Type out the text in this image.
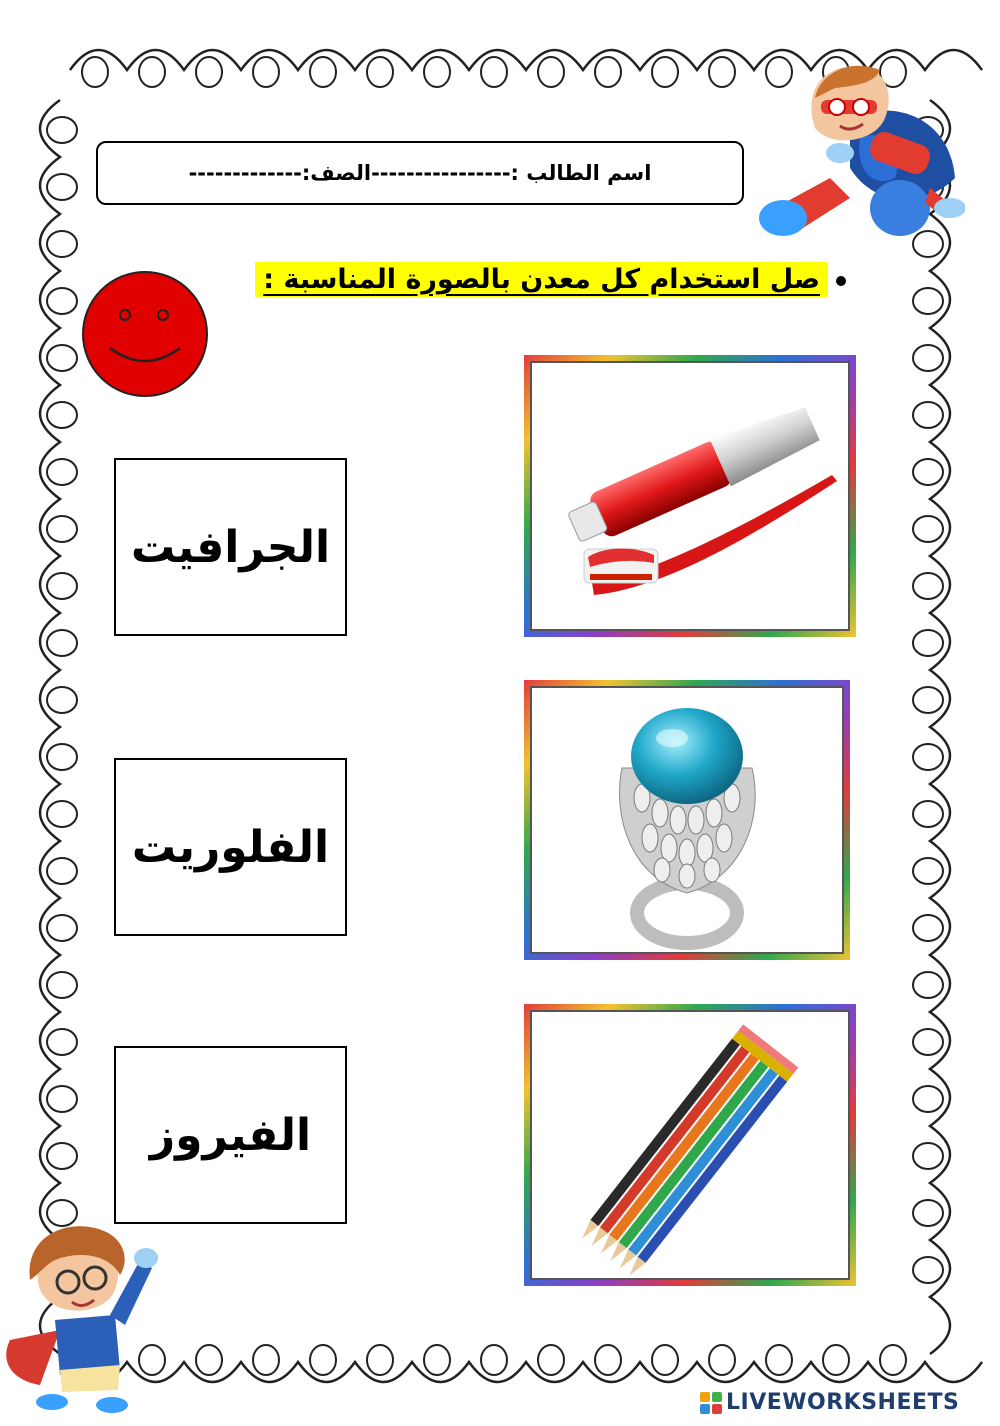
اسم الطالب :
----------------
الصف:
-------------
صل استخدام كل معدن بالصورة المناسبة :
الجرافيت
الفلوريت
الفيروز
LIVEWORKSHEETS
